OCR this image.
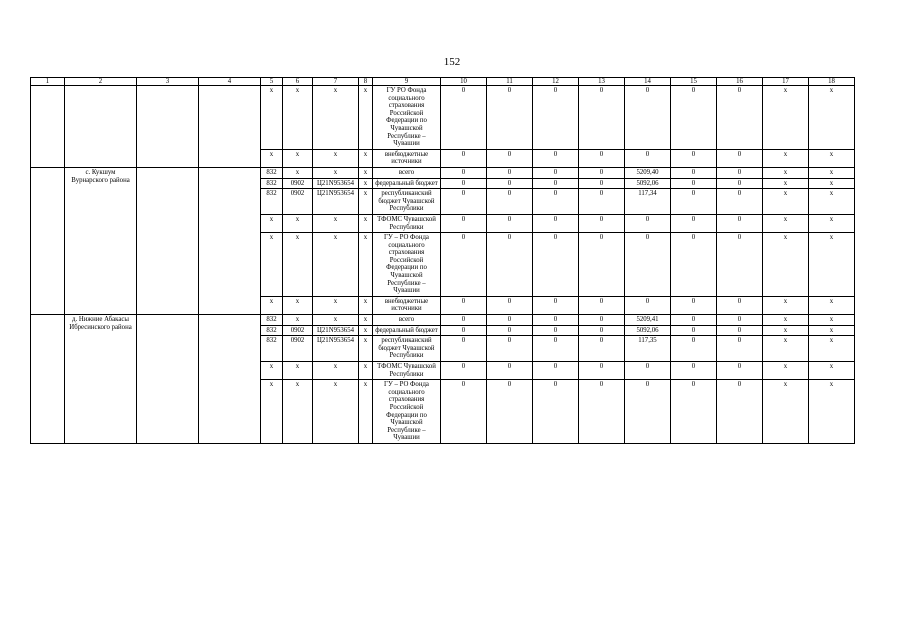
152
1	2	3	4	5	6	7	8	9	10	11	12	13	14	15	16	17	18
				x	x	x	x	ГУ РО Фонда социального страхования Российской Федерации по Чувашской Республике – Чувашии	0	0	0	0	0	0	0	x	x
				x	x	x	x	внебюджетные источники	0	0	0	0	0	0	0	x	x
	с. Кукшум Вурнарского района			832	x	x	x	всего	0	0	0	0	5209,40	0	0	x	x
				832	0902	Ц21N953654	x	федеральный бюджет	0	0	0	0	5092,06	0	0	x	x
				832	0902	Ц21N953654	x	республиканский бюджет Чувашской Республики	0	0	0	0	117,34	0	0	x	x
				x	x	x	x	ТФОМС Чувашской Республики	0	0	0	0	0	0	0	x	x
				x	x	x	x	ГУ – РО Фонда социального страхования Российской Федерации по Чувашской Республике – Чувашии	0	0	0	0	0	0	0	x	x
				x	x	x	x	внебюджетные источники	0	0	0	0	0	0	0	x	x
	д. Нижние Абакасы Ибресинского района			832	x	x	x	всего	0	0	0	0	5209,41	0	0	x	x
				832	0902	Ц21N953654	x	федеральный бюджет	0	0	0	0	5092,06	0	0	x	x
				832	0902	Ц21N953654	x	республиканский бюджет Чувашской Республики	0	0	0	0	117,35	0	0	x	x
				x	x	x	x	ТФОМС Чувашской Республики	0	0	0	0	0	0	0	x	x
				x	x	x	x	ГУ – РО Фонда социального страхования Российской Федерации по Чувашской Республике – Чувашии	0	0	0	0	0	0	0	x	x
